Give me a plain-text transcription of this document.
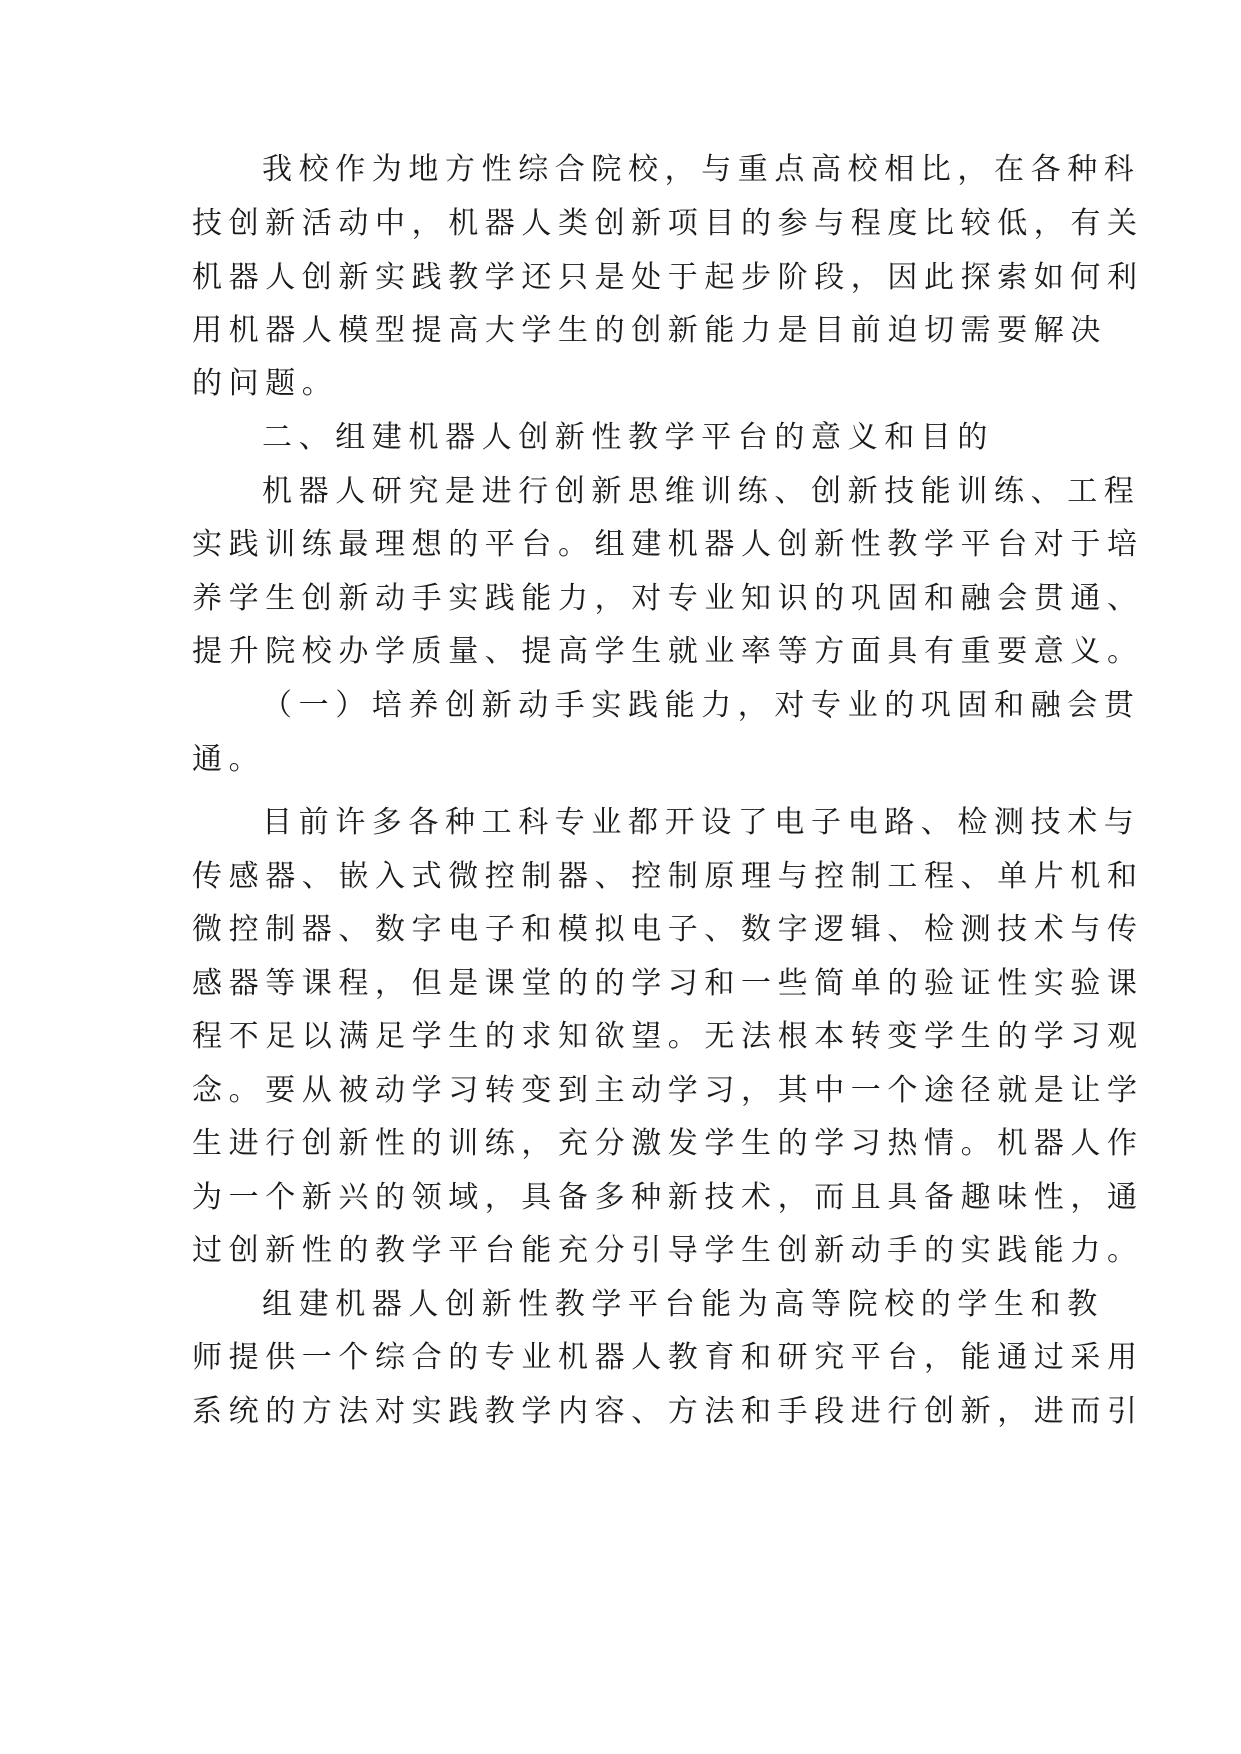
我校作为地方性综合院校，与重点高校相比，在各种科

技创新活动中，机器人类创新项目的参与程度比较低，有关

机器人创新实践教学还只是处于起步阶段，因此探索如何利

用机器人模型提高大学生的创新能力是目前迫切需要解决

的问题。

二、组建机器人创新性教学平台的意义和目的

机器人研究是进行创新思维训练、创新技能训练、工程

实践训练最理想的平台。组建机器人创新性教学平台对于培

养学生创新动手实践能力，对专业知识的巩固和融会贯通、

提升院校办学质量、提高学生就业率等方面具有重要意义。

（一）培养创新动手实践能力，对专业的巩固和融会贯

通。

目前许多各种工科专业都开设了电子电路、检测技术与

传感器、嵌入式微控制器、控制原理与控制工程、单片机和

微控制器、数字电子和模拟电子、数字逻辑、检测技术与传

感器等课程，但是课堂的的学习和一些简单的验证性实验课

程不足以满足学生的求知欲望。无法根本转变学生的学习观

念。要从被动学习转变到主动学习，其中一个途径就是让学

生进行创新性的训练，充分激发学生的学习热情。机器人作

为一个新兴的领域，具备多种新技术，而且具备趣味性，通

过创新性的教学平台能充分引导学生创新动手的实践能力。

组建机器人创新性教学平台能为高等院校的学生和教

师提供一个综合的专业机器人教育和研究平台，能通过采用

系统的方法对实践教学内容、方法和手段进行创新，进而引
